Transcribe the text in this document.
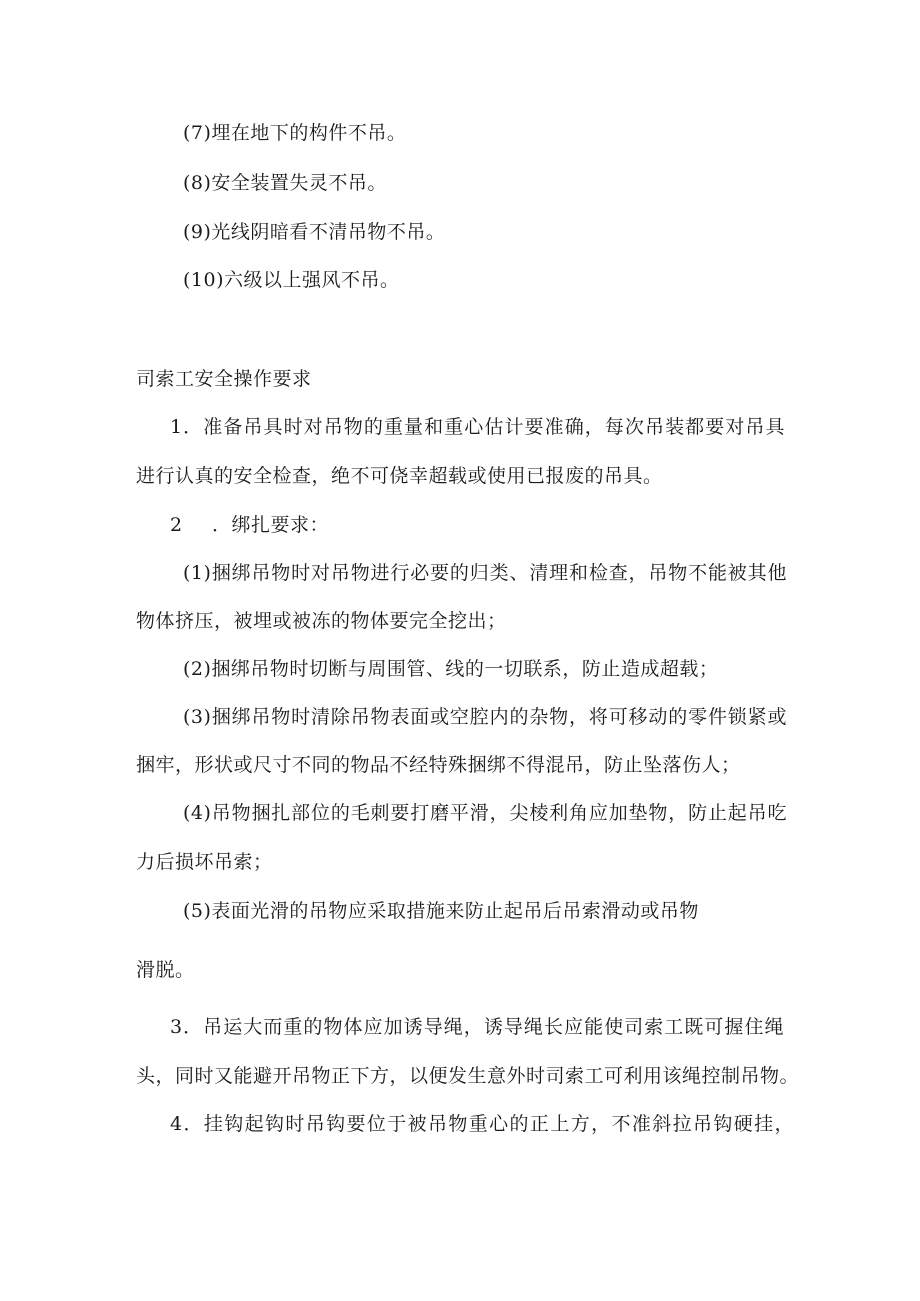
(7)埋在地下的构件不吊。
(8)安全装置失灵不吊。
(9)光线阴暗看不清吊物不吊。
(10)六级以上强风不吊。
司索工安全操作要求
1．准备吊具时对吊物的重量和重心估计要准确，每次吊装都要对吊具
进行认真的安全检查，绝不可侥幸超载或使用已报废的吊具。
2 ．绑扎要求：
(1)捆绑吊物时对吊物进行必要的归类、清理和检查，吊物不能被其他
物体挤压，被埋或被冻的物体要完全挖出；
(2)捆绑吊物时切断与周围管、线的一切联系，防止造成超载；
(3)捆绑吊物时清除吊物表面或空腔内的杂物，将可移动的零件锁紧或
捆牢，形状或尺寸不同的物品不经特殊捆绑不得混吊，防止坠落伤人；
(4)吊物捆扎部位的毛刺要打磨平滑，尖棱利角应加垫物，防止起吊吃
力后损坏吊索；
(5)表面光滑的吊物应采取措施来防止起吊后吊索滑动或吊物
滑脱。
3．吊运大而重的物体应加诱导绳，诱导绳长应能使司索工既可握住绳
头，同时又能避开吊物正下方，以便发生意外时司索工可利用该绳控制吊物。
4．挂钩起钩时吊钩要位于被吊物重心的正上方，不准斜拉吊钩硬挂，
